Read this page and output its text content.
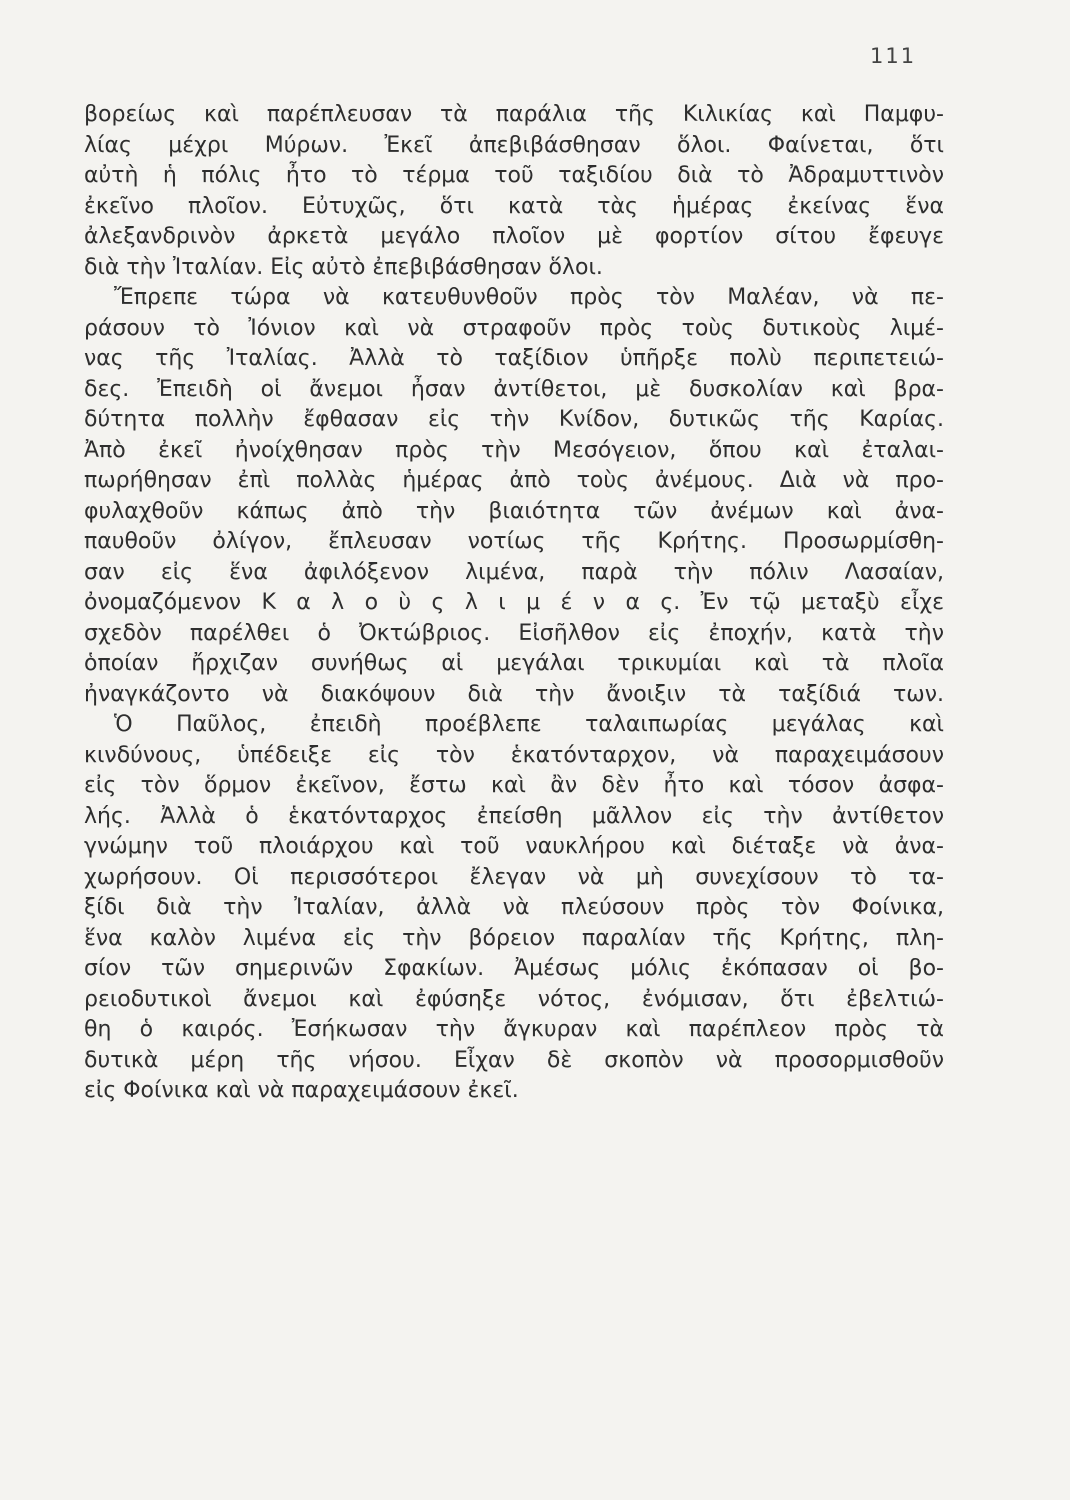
111
βορείως καὶ παρέπλευσαν τὰ παράλια τῆς Κιλικίας καὶ Παμφυ-
λίας μέχρι Μύρων. Ἐκεῖ ἀπεβιβάσθησαν ὅλοι. Φαίνεται, ὅτι
αὐτὴ ἡ πόλις ἦτο τὸ τέρμα τοῦ ταξιδίου διὰ τὸ Ἀδραμυττινὸν
ἐκεῖνο πλοῖον. Εὐτυχῶς, ὅτι κατὰ τὰς ἡμέρας ἐκείνας ἕνα
ἀλεξανδρινὸν ἀρκετὰ μεγάλο πλοῖον μὲ φορτίον σίτου ἔφευγε
διὰ τὴν Ἰταλίαν. Εἰς αὐτὸ ἐπεβιβάσθησαν ὅλοι.
Ἔπρεπε τώρα νὰ κατευθυνθοῦν πρὸς τὸν Μαλέαν, νὰ πε-
ράσουν τὸ Ἰόνιον καὶ νὰ στραφοῦν πρὸς τοὺς δυτικοὺς λιμέ-
νας τῆς Ἰταλίας. Ἀλλὰ τὸ ταξίδιον ὑπῆρξε πολὺ περιπετειώ-
δες. Ἐπειδὴ οἱ ἄνεμοι ἦσαν ἀντίθετοι, μὲ δυσκολίαν καὶ βρα-
δύτητα πολλὴν ἔφθασαν εἰς τὴν Κνίδον, δυτικῶς τῆς Καρίας.
Ἀπὸ ἐκεῖ ἠνοίχθησαν πρὸς τὴν Μεσόγειον, ὅπου καὶ ἐταλαι-
πωρήθησαν ἐπὶ πολλὰς ἡμέρας ἀπὸ τοὺς ἀνέμους. Διὰ νὰ προ-
φυλαχθοῦν κάπως ἀπὸ τὴν βιαιότητα τῶν ἀνέμων καὶ ἀνα-
παυθοῦν ὀλίγον, ἔπλευσαν νοτίως τῆς Κρήτης. Προσωρμίσθη-
σαν εἰς ἕνα ἀφιλόξενον λιμένα, παρὰ τὴν πόλιν Λασαίαν,
ὀνομαζόμενον Κ α λ ο ὺ ς λ ι μ έ ν α ς. Ἐν τῷ μεταξὺ εἶχε
σχεδὸν παρέλθει ὁ Ὀκτώβριος. Εἰσῆλθον εἰς ἐποχήν, κατὰ τὴν
ὁποίαν ἤρχιζαν συνήθως αἱ μεγάλαι τρικυμίαι καὶ τὰ πλοῖα
ἠναγκάζοντο νὰ διακόψουν διὰ τὴν ἄνοιξιν τὰ ταξίδιά των.
Ὁ Παῦλος, ἐπειδὴ προέβλεπε ταλαιπωρίας μεγάλας καὶ
κινδύνους, ὑπέδειξε εἰς τὸν ἑκατόνταρχον, νὰ παραχειμάσουν
εἰς τὸν ὅρμον ἐκεῖνον, ἔστω καὶ ἂν δὲν ἦτο καὶ τόσον ἀσφα-
λής. Ἀλλὰ ὁ ἑκατόνταρχος ἐπείσθη μᾶλλον εἰς τὴν ἀντίθετον
γνώμην τοῦ πλοιάρχου καὶ τοῦ ναυκλήρου καὶ διέταξε νὰ ἀνα-
χωρήσουν. Οἱ περισσότεροι ἔλεγαν νὰ μὴ συνεχίσουν τὸ τα-
ξίδι διὰ τὴν Ἰταλίαν, ἀλλὰ νὰ πλεύσουν πρὸς τὸν Φοίνικα,
ἕνα καλὸν λιμένα εἰς τὴν βόρειον παραλίαν τῆς Κρήτης, πλη-
σίον τῶν σημερινῶν Σφακίων. Ἀμέσως μόλις ἐκόπασαν οἱ βο-
ρειοδυτικοὶ ἄνεμοι καὶ ἐφύσηξε νότος, ἐνόμισαν, ὅτι ἐβελτιώ-
θη ὁ καιρός. Ἐσήκωσαν τὴν ἄγκυραν καὶ παρέπλεον πρὸς τὰ
δυτικὰ μέρη τῆς νήσου. Εἶχαν δὲ σκοπὸν νὰ προσορμισθοῦν
εἰς Φοίνικα καὶ νὰ παραχειμάσουν ἐκεῖ.
